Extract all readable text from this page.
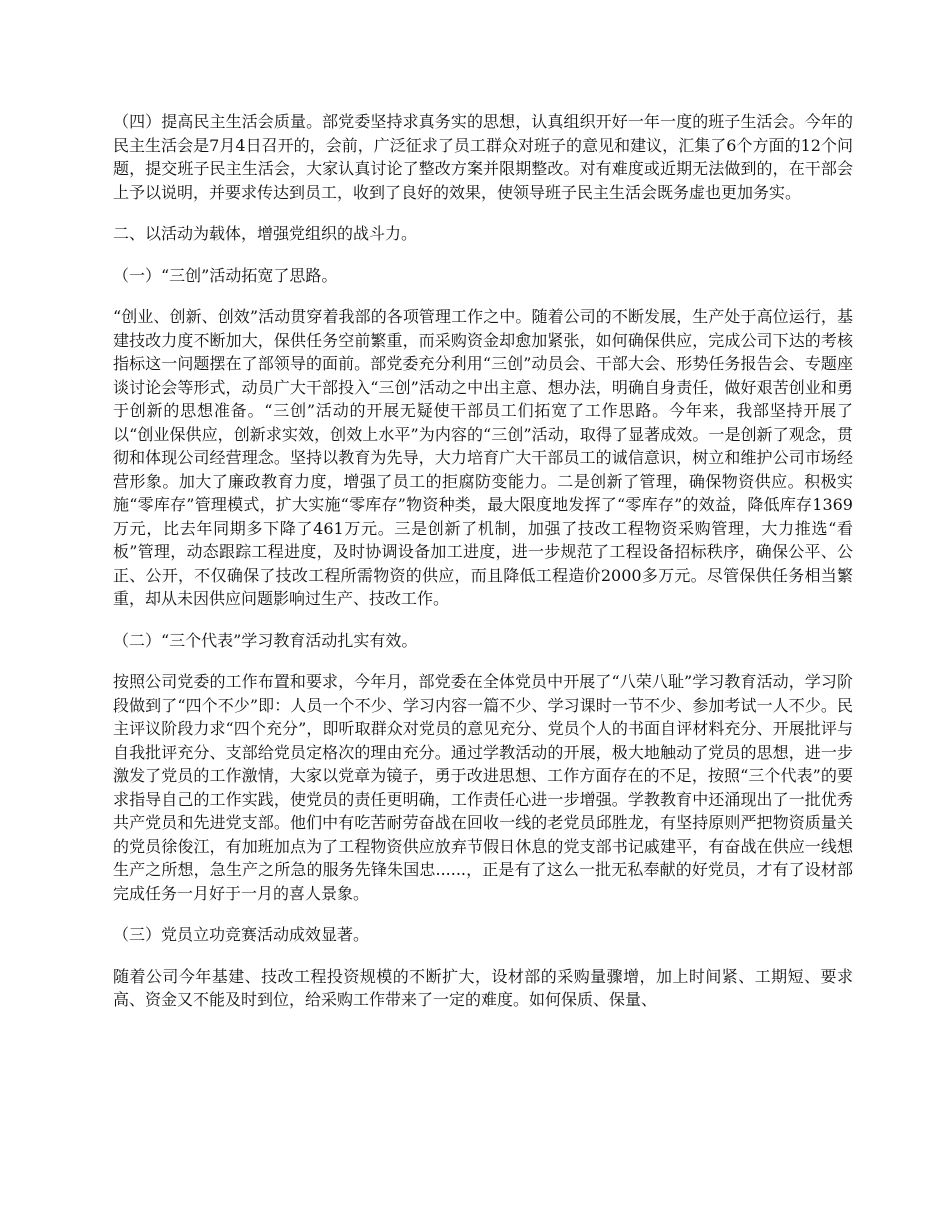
（四）提高民主生活会质量。部党委坚持求真务实的思想，认真组织开好一年一度的班子生活会。今年的民主生活会是7月4日召开的，会前，广泛征求了员工群众对班子的意见和建议，汇集了6个方面的12个问题，提交班子民主生活会，大家认真讨论了整改方案并限期整改。对有难度或近期无法做到的，在干部会上予以说明，并要求传达到员工，收到了良好的效果，使领导班子民主生活会既务虚也更加务实。

二、以活动为载体，增强党组织的战斗力。

（一）“三创”活动拓宽了思路。

“创业、创新、创效”活动贯穿着我部的各项管理工作之中。随着公司的不断发展，生产处于高位运行，基建技改力度不断加大，保供任务空前繁重，而采购资金却愈加紧张，如何确保供应，完成公司下达的考核指标这一问题摆在了部领导的面前。部党委充分利用“三创”动员会、干部大会、形势任务报告会、专题座谈讨论会等形式，动员广大干部投入“三创”活动之中出主意、想办法，明确自身责任，做好艰苦创业和勇于创新的思想准备。“三创”活动的开展无疑使干部员工们拓宽了工作思路。今年来，我部坚持开展了以“创业保供应，创新求实效，创效上水平”为内容的“三创”活动，取得了显著成效。一是创新了观念，贯彻和体现公司经营理念。坚持以教育为先导，大力培育广大干部员工的诚信意识，树立和维护公司市场经营形象。加大了廉政教育力度，增强了员工的拒腐防变能力。二是创新了管理，确保物资供应。积极实施“零库存”管理模式，扩大实施“零库存”物资种类，最大限度地发挥了“零库存”的效益，降低库存1369万元，比去年同期多下降了461万元。三是创新了机制，加强了技改工程物资采购管理，大力推选“看板”管理，动态跟踪工程进度，及时协调设备加工进度，进一步规范了工程设备招标秩序，确保公平、公正、公开，不仅确保了技改工程所需物资的供应，而且降低工程造价2000多万元。尽管保供任务相当繁重，却从未因供应问题影响过生产、技改工作。

（二）“三个代表”学习教育活动扎实有效。

按照公司党委的工作布置和要求，今年月，部党委在全体党员中开展了“八荣八耻”学习教育活动，学习阶段做到了“四个不少”即：人员一个不少、学习内容一篇不少、学习课时一节不少、参加考试一人不少。民主评议阶段力求“四个充分”，即听取群众对党员的意见充分、党员个人的书面自评材料充分、开展批评与自我批评充分、支部给党员定格次的理由充分。通过学教活动的开展，极大地触动了党员的思想，进一步激发了党员的工作激情，大家以党章为镜子，勇于改进思想、工作方面存在的不足，按照“三个代表”的要求指导自己的工作实践，使党员的责任更明确，工作责任心进一步增强。学教教育中还涌现出了一批优秀共产党员和先进党支部。他们中有吃苦耐劳奋战在回收一线的老党员邱胜龙，有坚持原则严把物资质量关的党员徐俊江，有加班加点为了工程物资供应放弃节假日休息的党支部书记戚建平，有奋战在供应一线想生产之所想，急生产之所急的服务先锋朱国忠......，正是有了这么一批无私奉献的好党员，才有了设材部完成任务一月好于一月的喜人景象。

（三）党员立功竞赛活动成效显著。

随着公司今年基建、技改工程投资规模的不断扩大，设材部的采购量骤增，加上时间紧、工期短、要求高、资金又不能及时到位，给采购工作带来了一定的难度。如何保质、保量、
